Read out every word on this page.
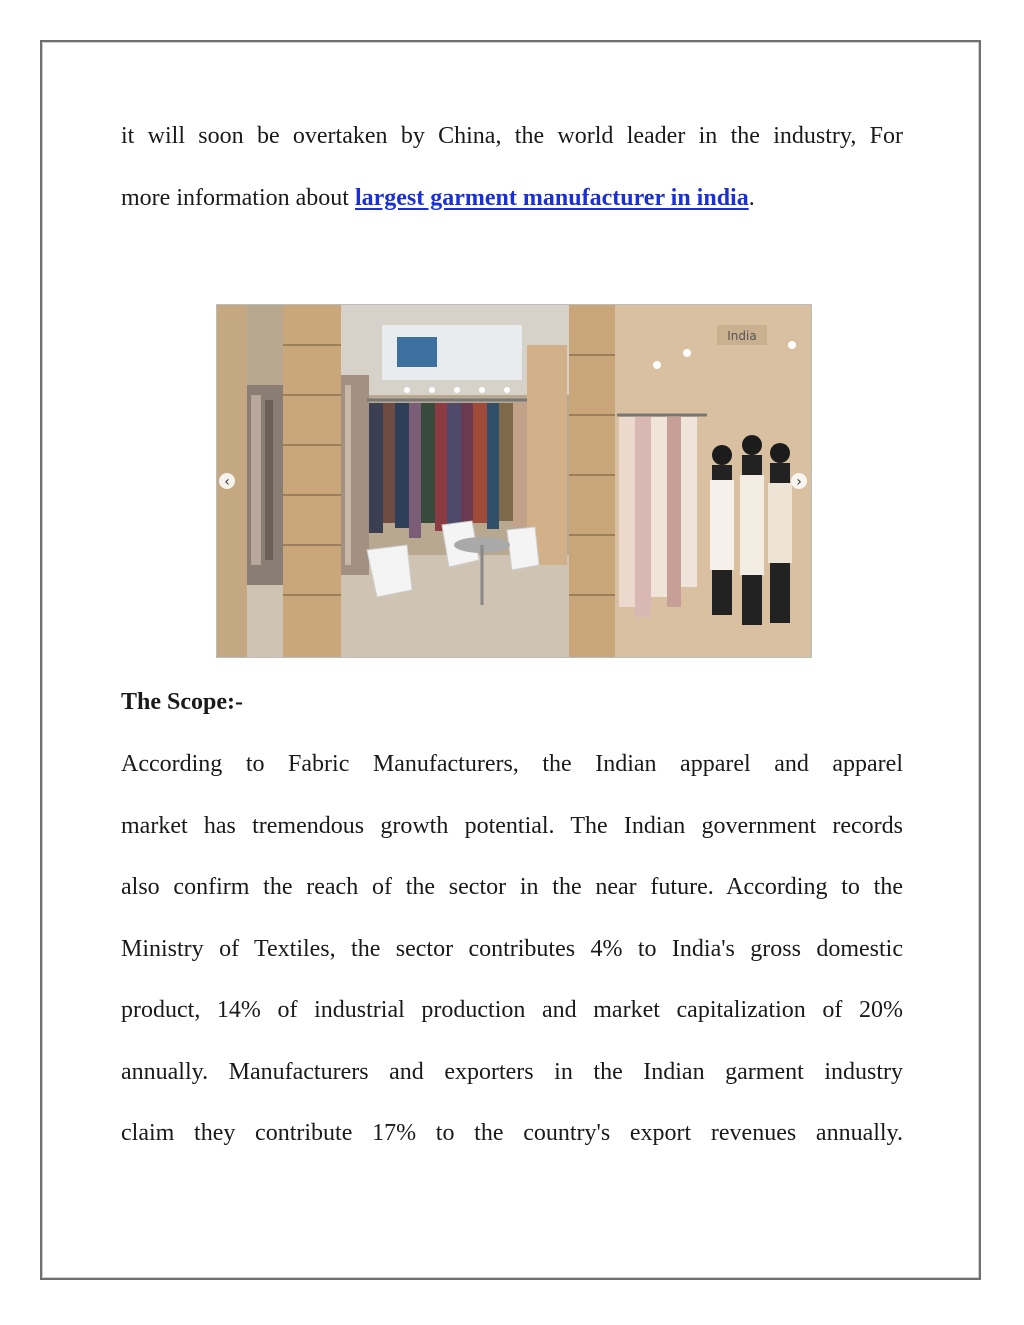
it will soon be overtaken by China, the world leader in the industry, For
more information about largest garment manufacturer in india.
India
‹	›
The Scope:-
According to Fabric Manufacturers, the Indian apparel and apparel
market has tremendous growth potential. The Indian government records
also confirm the reach of the sector in the near future. According to the
Ministry of Textiles, the sector contributes 4% to India's gross domestic
product, 14% of industrial production and market capitalization of 20%
annually. Manufacturers and exporters in the Indian garment industry
claim they contribute 17% to the country's export revenues annually.
